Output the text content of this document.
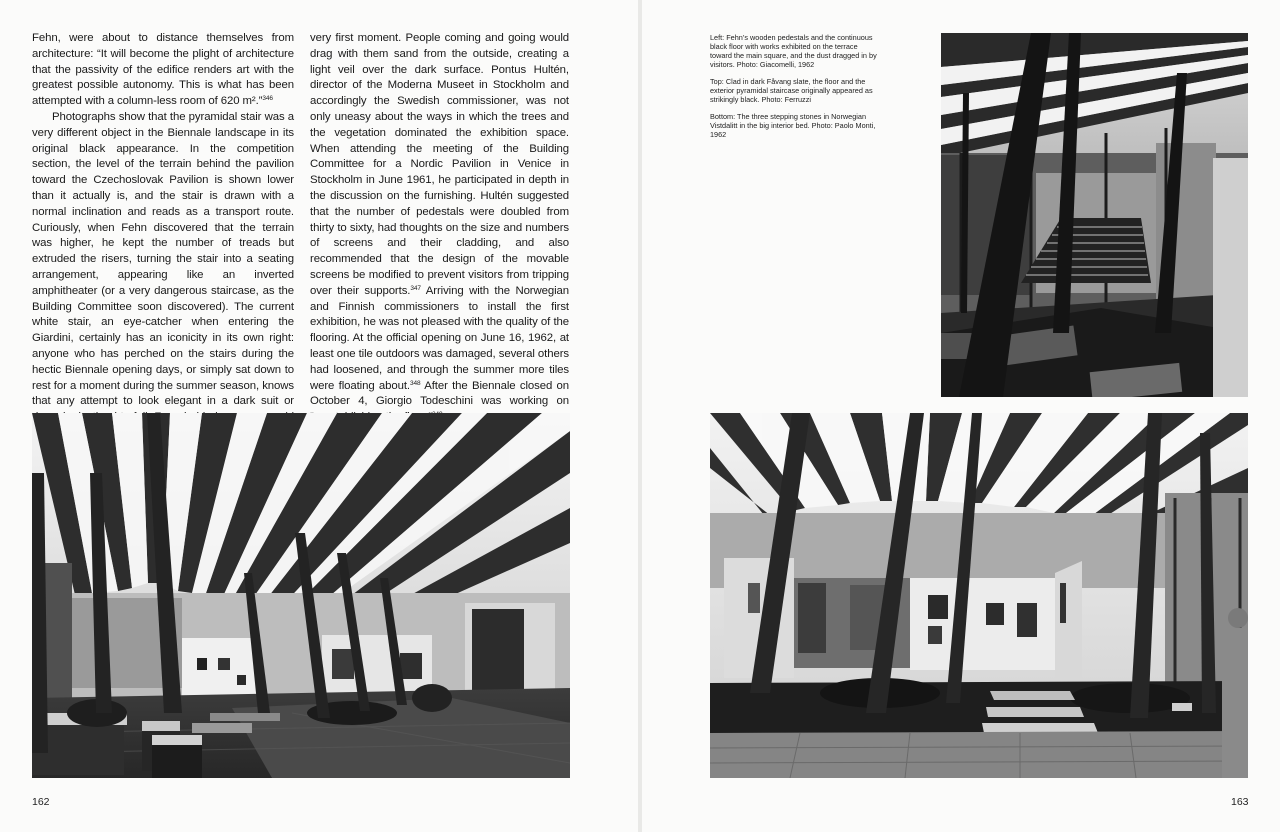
Fehn, were about to distance themselves from architecture: “It will become the plight of architecture that the passivity of the edifice renders art with the greatest possible autonomy. This is what has been attempted with a column-less room of 620 m².”$^{346}$

Photographs show that the pyramidal stair was a very different object in the Biennale landscape in its original black appearance. In the competition section, the level of the terrain behind the pavilion toward the Czechoslovak Pavilion is shown lower than it actually is, and the stair is drawn with a normal inclination and reads as a transport route. Curiously, when Fehn discovered that the terrain was higher, he kept the number of treads but extruded the risers, turning the stair into a seating arrangement, appearing like an inverted amphitheater (or a very dangerous staircase, as the Building Committee soon discovered). The current white stair, an eye-catcher when entering the Giardini, certainly has an iconicity in its own right: anyone who has perched on the stairs during the hectic Biennale opening days, or simply sat down to rest for a moment during the summer season, knows that any attempt to look elegant in a dark suit or

very first moment. People coming and going would drag with them sand from the outside, creating a light veil over the dark surface. Pontus Hultén, director of the Moderna Museet in Stockholm and accordingly the Swedish commissioner, was not only uneasy about the ways in which the trees and the vegetation dominated the exhibition space. When attending the meeting of the Building Committee for a Nordic Pavilion in Venice in Stockholm in June 1961, he participated in depth in the discussion on the furnishing. Hultén suggested that the number of pedestals were doubled from thirty to sixty, had thoughts on the size and numbers of screens and their cladding, and also recommended that the design of the movable screens be modified to prevent visitors from tripping over their supports.$^{347}$ Arriving with the Norwegian and Finnish commissioners to install the first exhibition, he was not pleased with the quality of the flooring. At the official opening on June 16, 1962, at least one tile outdoors was damaged, several others had loosened, and through the summer more tiles were floating about.$^{348}$ After the Biennale closed on October 4, Giorgio Todeschini was working on

Left: Fehn’s wooden pedestals and the continuous black floor with works exhibited on the terrace toward the main square, and the dust dragged in by visitors. Photo: Giacomelli, 1962

Top: Clad in dark Fåvang slate, the floor and the exterior pyramidal staircase originally appeared as strikingly black. Photo: Ferruzzi

Bottom: The three stepping stones in Norwegian Vistdalitt in the big interior bed. Photo: Paolo Monti, 1962

162	163
